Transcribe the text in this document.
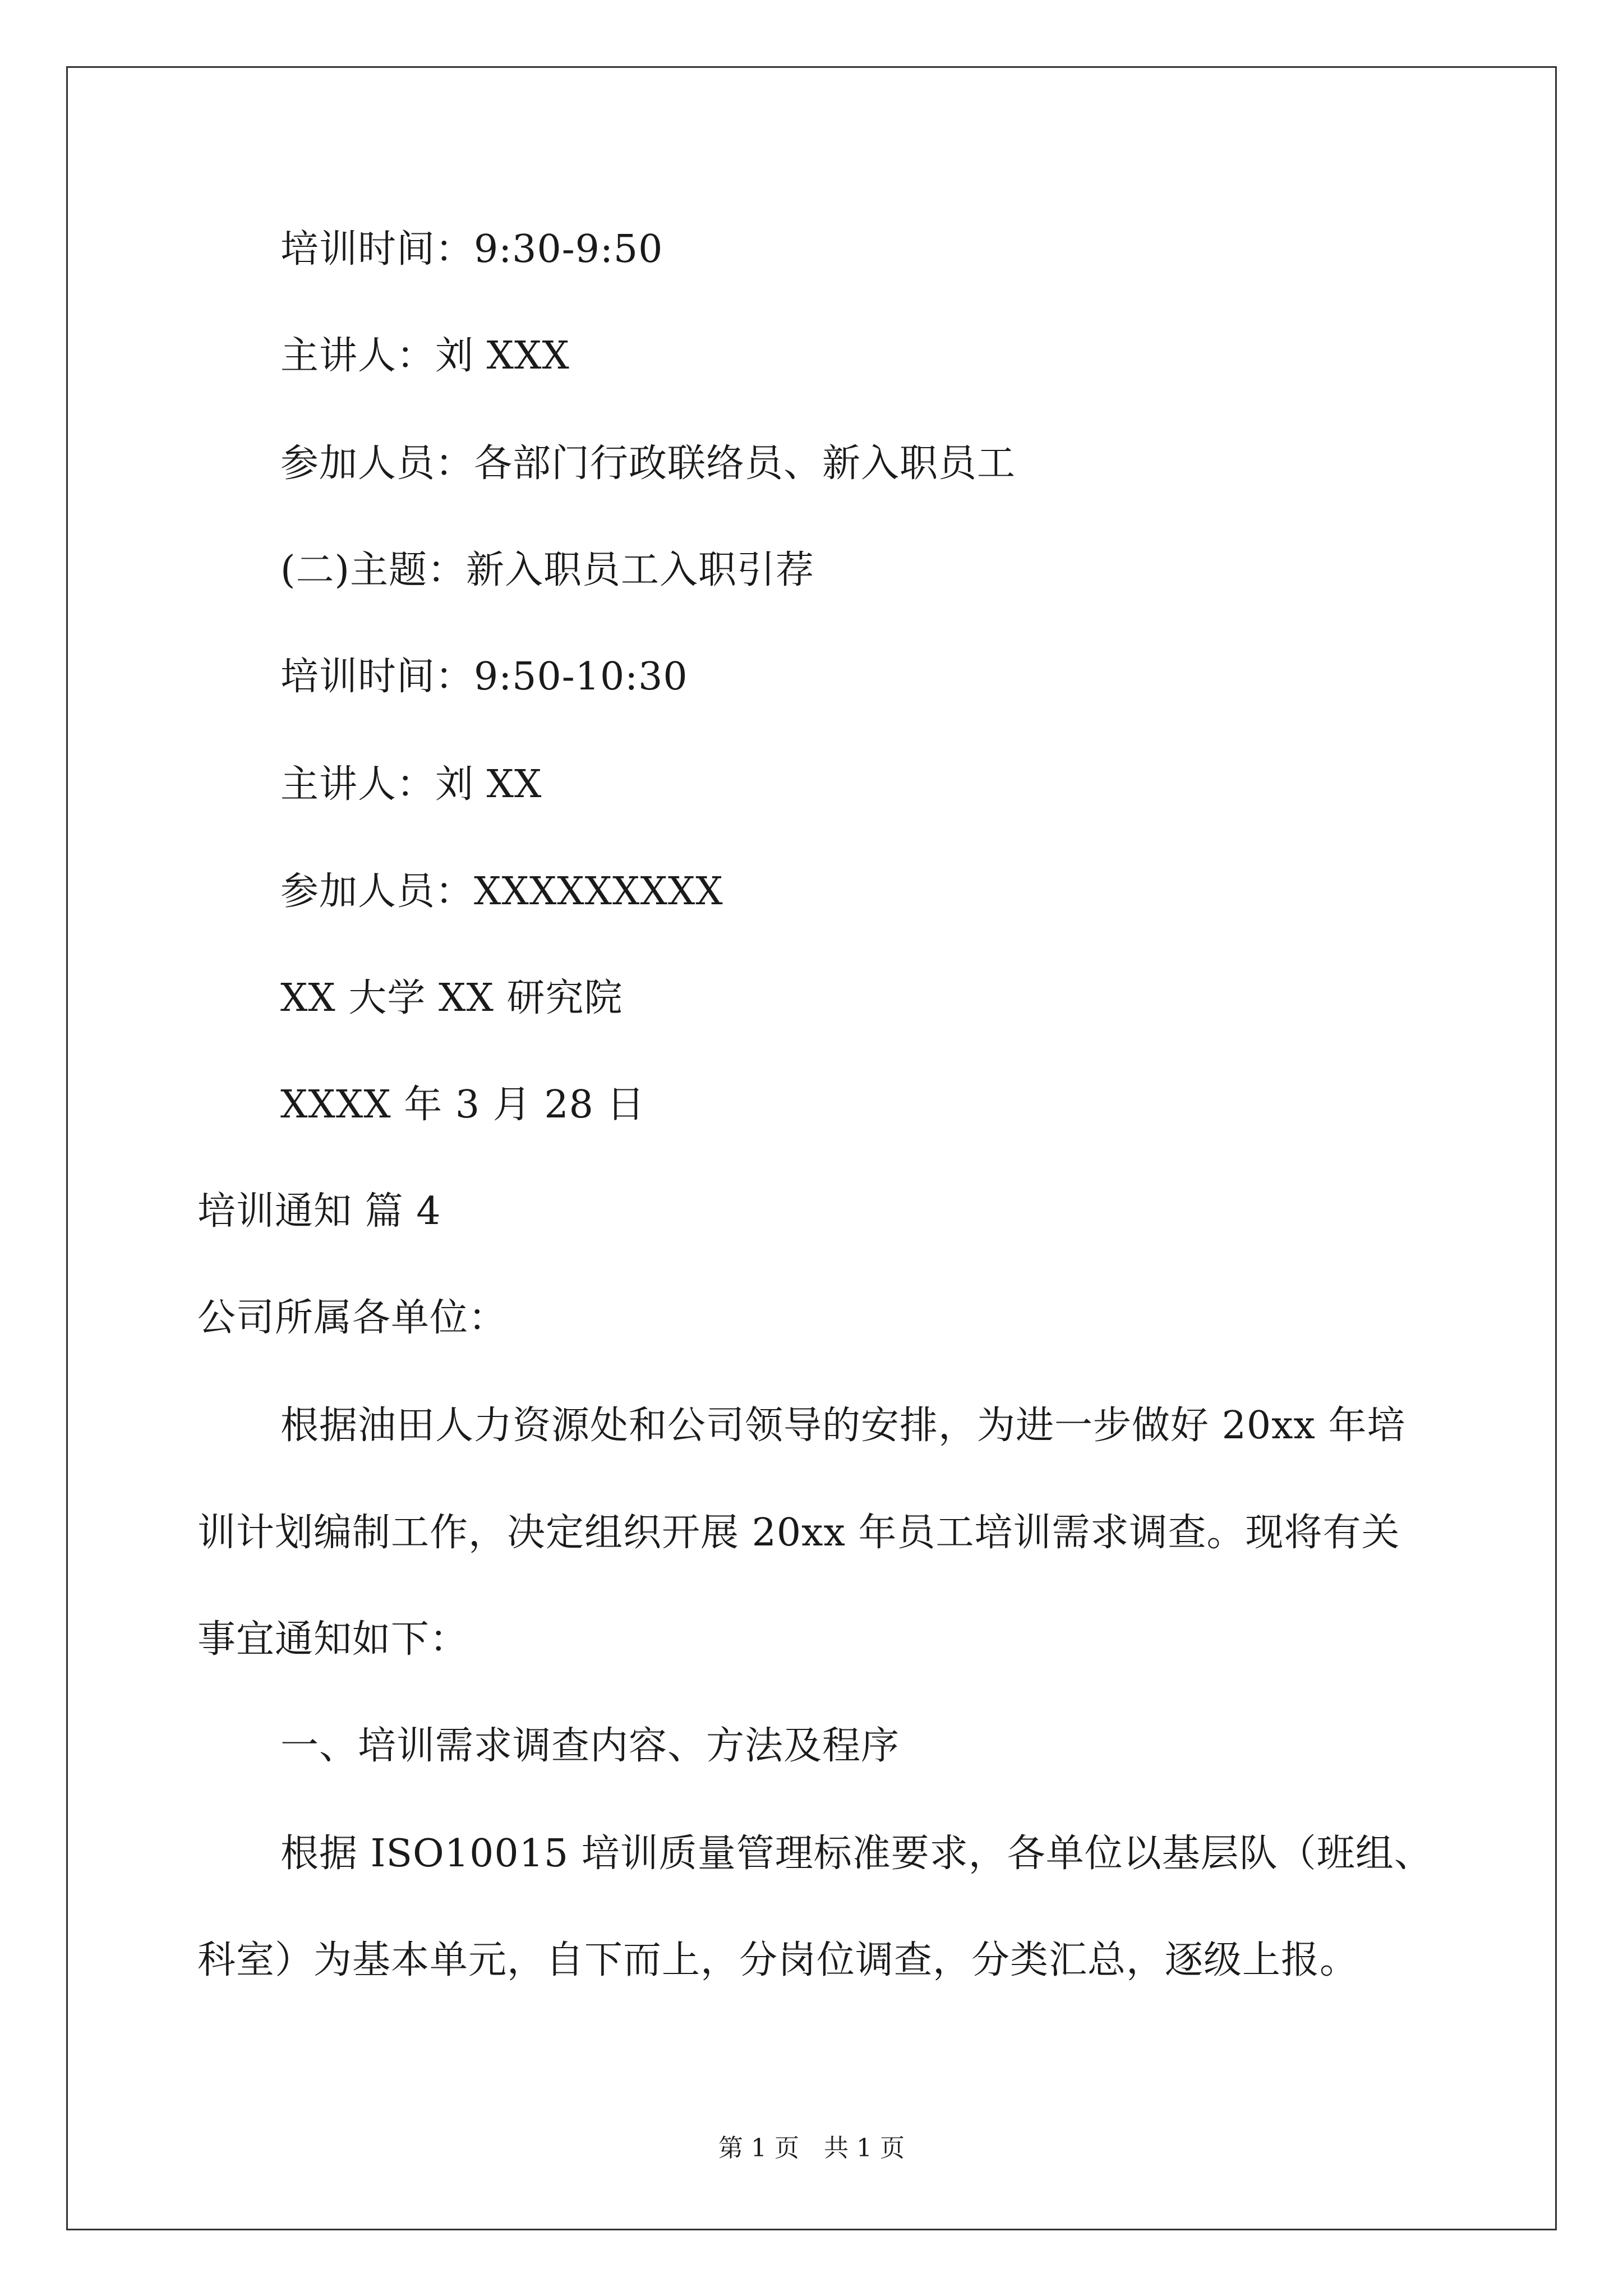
培训时间：9:30-9:50
主讲人：刘 XXX
参加人员：各部门行政联络员、新入职员工
(二)主题：新入职员工入职引荐
培训时间：9:50-10:30
主讲人：刘 XX
参加人员：XXXXXXXXX
XX 大学 XX 研究院
XXXX 年 3 月 28 日
培训通知 篇 4
公司所属各单位：
根据油田人力资源处和公司领导的安排，为进一步做好 20xx 年培
训计划编制工作，决定组织开展 20xx 年员工培训需求调查。现将有关
事宜通知如下：
一、培训需求调查内容、方法及程序
根据 ISO10015 培训质量管理标准要求，各单位以基层队（班组、
科室）为基本单元，自下而上，分岗位调查，分类汇总，逐级上报。
第 1 页　共 1 页
